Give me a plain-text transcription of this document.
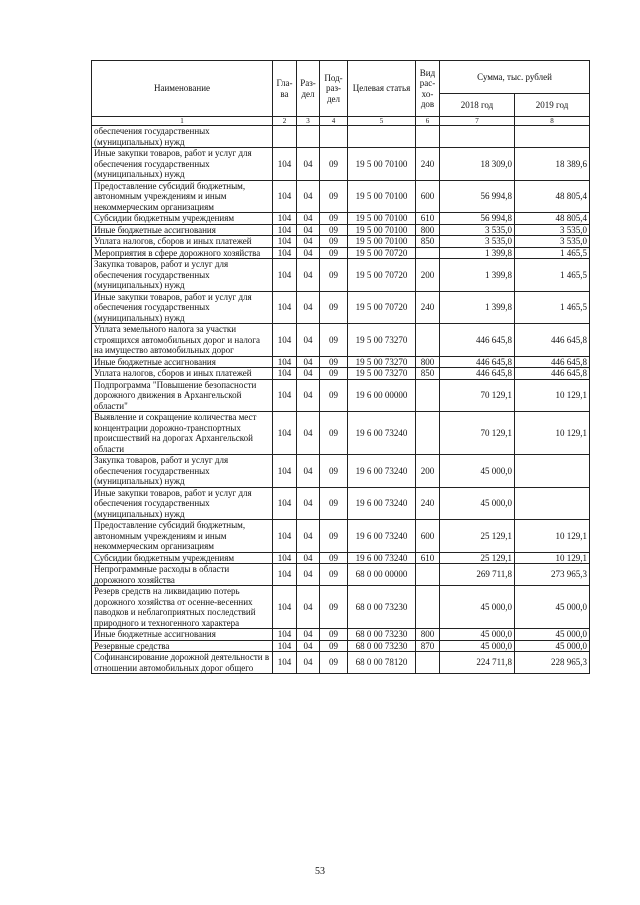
Наименование	Гла-ва	Раз-дел	Под-раз-дел	Целевая статья	Вид рас-хо-дов	Сумма, тыс. рублей	
						2018 год	2019 год
1	2	3	4	5	6	7	8
обеспечения государственных (муниципальных) нужд							
Иные закупки товаров, работ и услуг для обеспечения государственных (муниципальных) нужд	104	04	09	19 5 00 70100	240	18 309,0	18 389,6
Предоставление субсидий бюджетным, автономным учреждениям и иным некоммерческим организациям	104	04	09	19 5 00 70100	600	56 994,8	48 805,4
Субсидии бюджетным учреждениям	104	04	09	19 5 00 70100	610	56 994,8	48 805,4
Иные бюджетные ассигнования	104	04	09	19 5 00 70100	800	3 535,0	3 535,0
Уплата налогов, сборов и иных платежей	104	04	09	19 5 00 70100	850	3 535,0	3 535,0
Мероприятия в сфере дорожного хозяйства	104	04	09	19 5 00 70720		1 399,8	1 465,5
Закупка товаров, работ и услуг для обеспечения государственных (муниципальных) нужд	104	04	09	19 5 00 70720	200	1 399,8	1 465,5
Иные закупки товаров, работ и услуг для обеспечения государственных (муниципальных) нужд	104	04	09	19 5 00 70720	240	1 399,8	1 465,5
Уплата земельного налога за участки строящихся автомобильных дорог и налога на имущество автомобильных дорог	104	04	09	19 5 00 73270		446 645,8	446 645,8
Иные бюджетные ассигнования	104	04	09	19 5 00 73270	800	446 645,8	446 645,8
Уплата налогов, сборов и иных платежей	104	04	09	19 5 00 73270	850	446 645,8	446 645,8
Подпрограмма "Повышение безопасности дорожного движения в Архангельской области"	104	04	09	19 6 00 00000		70 129,1	10 129,1
Выявление и сокращение количества мест концентрации дорожно-транспортных происшествий на дорогах Архангельской области	104	04	09	19 6 00 73240		70 129,1	10 129,1
Закупка товаров, работ и услуг для обеспечения государственных (муниципальных) нужд	104	04	09	19 6 00 73240	200	45 000,0	
Иные закупки товаров, работ и услуг для обеспечения государственных (муниципальных) нужд	104	04	09	19 6 00 73240	240	45 000,0	
Предоставление субсидий бюджетным, автономным учреждениям и иным некоммерческим организациям	104	04	09	19 6 00 73240	600	25 129,1	10 129,1
Субсидии бюджетным учреждениям	104	04	09	19 6 00 73240	610	25 129,1	10 129,1
Непрограммные расходы в области дорожного хозяйства	104	04	09	68 0 00 00000		269 711,8	273 965,3
Резерв средств на ликвидацию потерь дорожного хозяйства от осенне-весенних паводков и неблагоприятных последствий природного и техногенного характера	104	04	09	68 0 00 73230		45 000,0	45 000,0
Иные бюджетные ассигнования	104	04	09	68 0 00 73230	800	45 000,0	45 000,0
Резервные средства	104	04	09	68 0 00 73230	870	45 000,0	45 000,0
Софинансирование дорожной деятельности в отношении автомобильных дорог общего	104	04	09	68 0 00 78120		224 711,8	228 965,3
53
